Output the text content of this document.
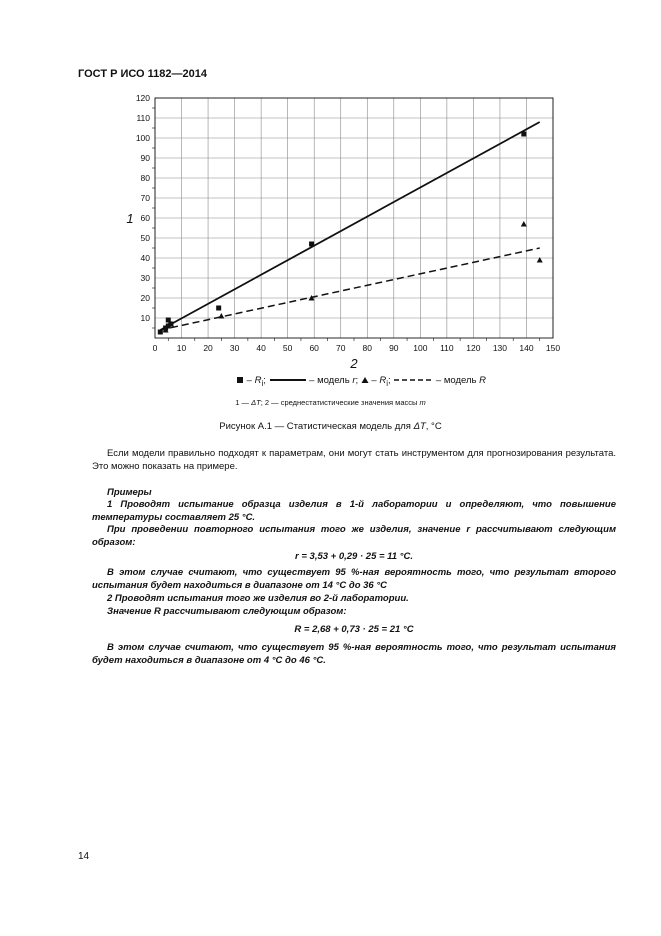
ГОСТ Р ИСО 1182—2014
0 10 20 30 40 50 60 70 80 90 100 110 120 130 140 150
10
20
30
40
50
60
70
80
90
100
110
120
2
1
– $R_i$;	– модель r; – $R_i$;	– модель R
1 — ΔT; 2 — среднестатистические значения массы m
Рисунок А.1 — Статистическая модель для ΔT, °C
Если модели правильно подходят к параметрам, они могут стать инструментом для прогнозирования результата. Это можно показать на примере.
Примеры
1 Проводят испытание образца изделия в 1-й лаборатории и определяют, что повышение температуры составляет 25 °С.
При проведении повторного испытания того же изделия, значение r рассчитывают следующим образом:
r = 3,53 + 0,29 · 25 = 11 °С.
В этом случае считают, что существует 95 %-ная вероятность того, что результат второго испытания будет находиться в диапазоне от 14 °С до 36 °С
2 Проводят испытания того же изделия во 2-й лаборатории.
Значение R рассчитывают следующим образом:
R = 2,68 + 0,73 · 25 = 21 °С
В этом случае считают, что существует 95 %-ная вероятность того, что результат испытания будет находиться в диапазоне от 4 °С до 46 °С.
14
